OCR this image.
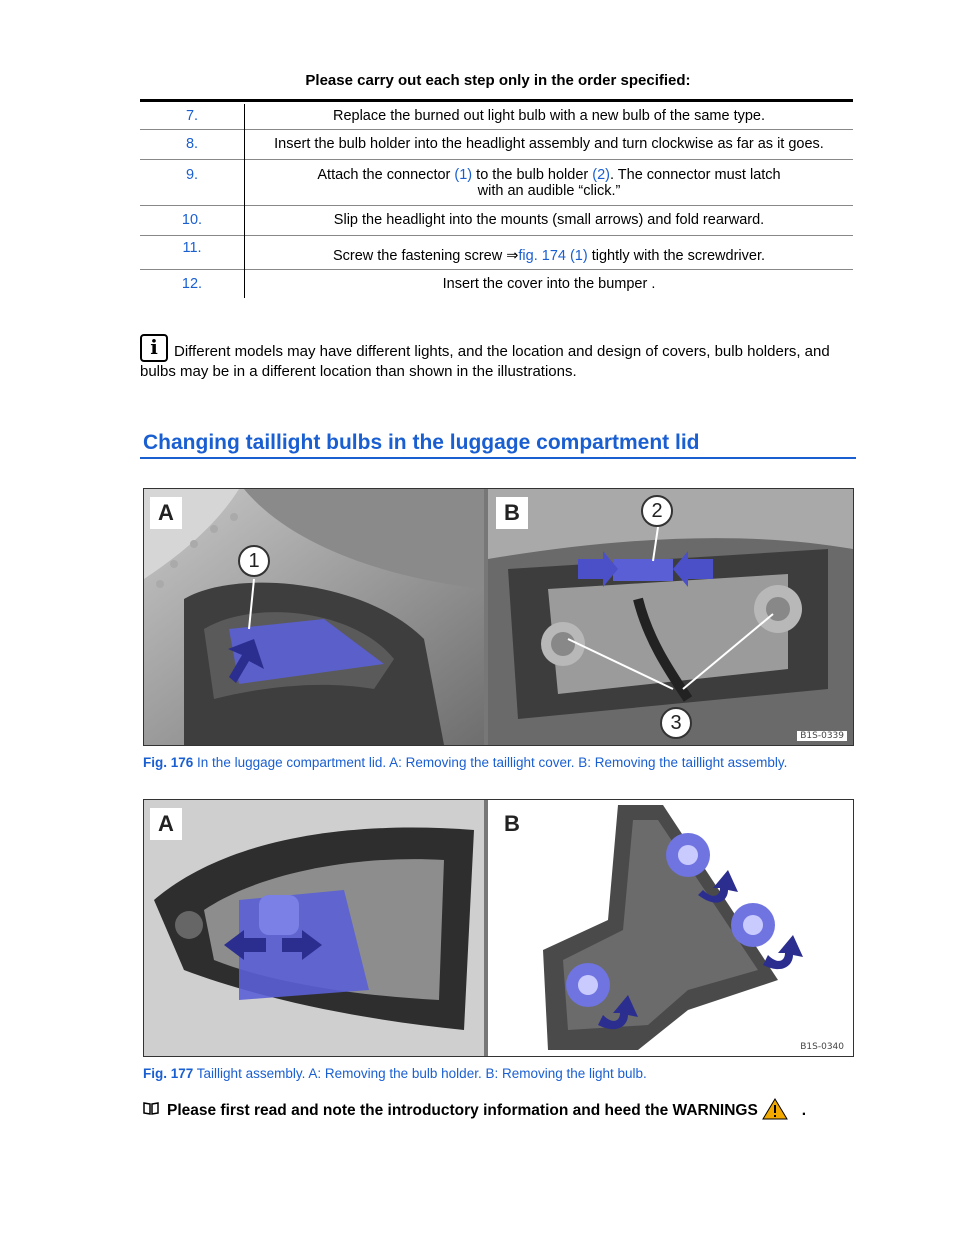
Please carry out each step only in the order specified:
7.	Replace the burned out light bulb with a new bulb of the same type.
8.	Insert the bulb holder into the headlight assembly and turn clockwise as far as it goes.
9.	Attach the connector (1) to the bulb holder (2). The connector must latch with an audible “click.”
10.	Slip the headlight into the mounts (small arrows) and fold rearward.
11.	Screw the fastening screw ⇒fig. 174 (1) tightly with the screwdriver.
12.	Insert the cover into the bumper .
i	Different models may have different lights, and the location and design of covers, bulb holders, and bulbs may be in a different location than shown in the illustrations.
Changing taillight bulbs in the luggage compartment lid
A
1
B	2
3
B1S-0339
Fig. 176 In the luggage compartment lid. A: Removing the taillight cover. B: Removing the taillight assembly.
A	B
B1S-0340
Fig. 177 Taillight assembly. A: Removing the bulb holder. B: Removing the light bulb.
Please first read and note the introductory information and heed the WARNINGS	.
